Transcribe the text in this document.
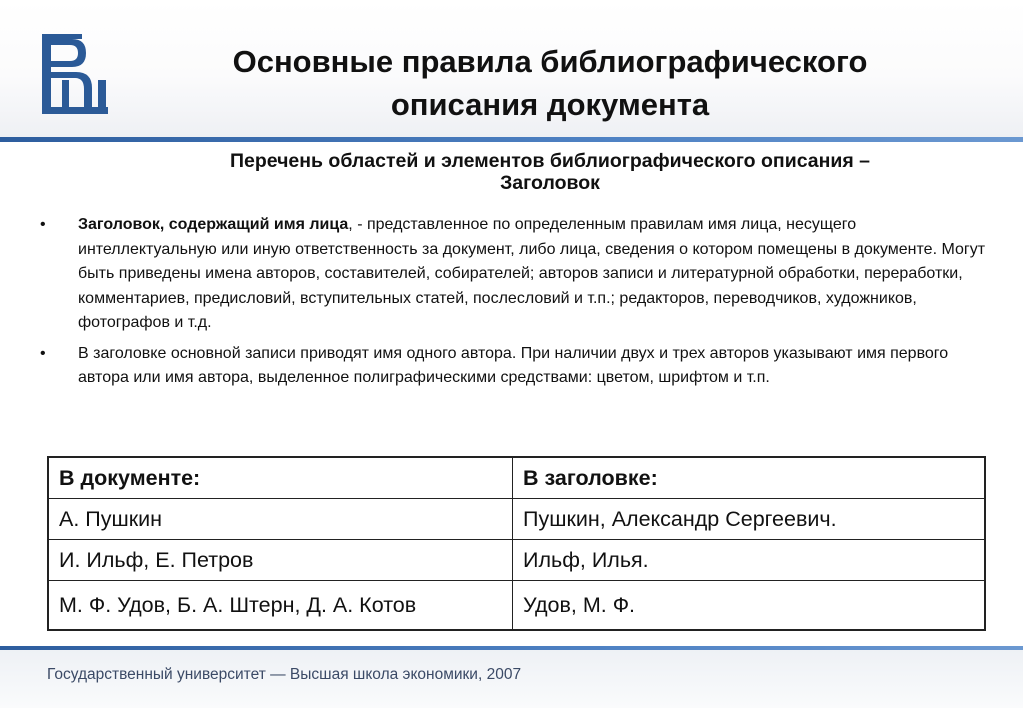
Основные правила библиографического
описания документа
Перечень областей и элементов библиографического описания –
Заголовок
• Заголовок, содержащий имя лица, - представленное по определенным правилам имя лица, несущего интеллектуальную или иную ответственность за документ, либо лица, сведения о котором помещены в документе. Могут быть приведены имена авторов, составителей, собирателей; авторов записи и литературной обработки, переработки, комментариев, предисловий, вступительных статей, послесловий и т.п.; редакторов, переводчиков, художников, фотографов и т.д.
• В заголовке основной записи приводят имя одного автора. При наличии двух и трех авторов указывают имя первого автора или имя автора, выделенное полиграфическими средствами: цветом, шрифтом и т.п.
В документе:	В заголовке:
А. Пушкин	Пушкин, Александр Сергеевич.
И. Ильф, Е. Петров	Ильф, Илья.
М. Ф. Удов, Б. А. Штерн, Д. А. Котов	Удов, М. Ф.
Государственный университет — Высшая школа экономики, 2007
